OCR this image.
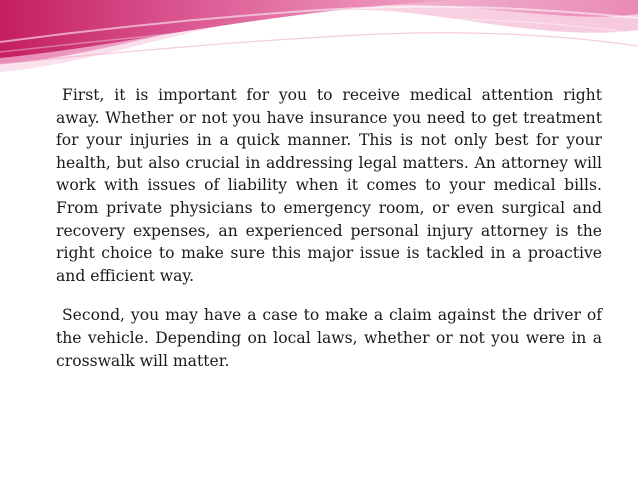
First, it is important for you to receive medical attention right away. Whether or not you have insurance you need to get treatment for your injuries in a quick manner. This is not only best for your health, but also crucial in addressing legal matters. An attorney will work with issues of liability when it comes to your medical bills. From private physicians to emergency room, or even surgical and recovery expenses, an experienced personal injury attorney is the right choice to make sure this major issue is tackled in a proactive and efficient way.

Second, you may have a case to make a claim against the driver of the vehicle. Depending on local laws, whether or not you were in a crosswalk will matter.
